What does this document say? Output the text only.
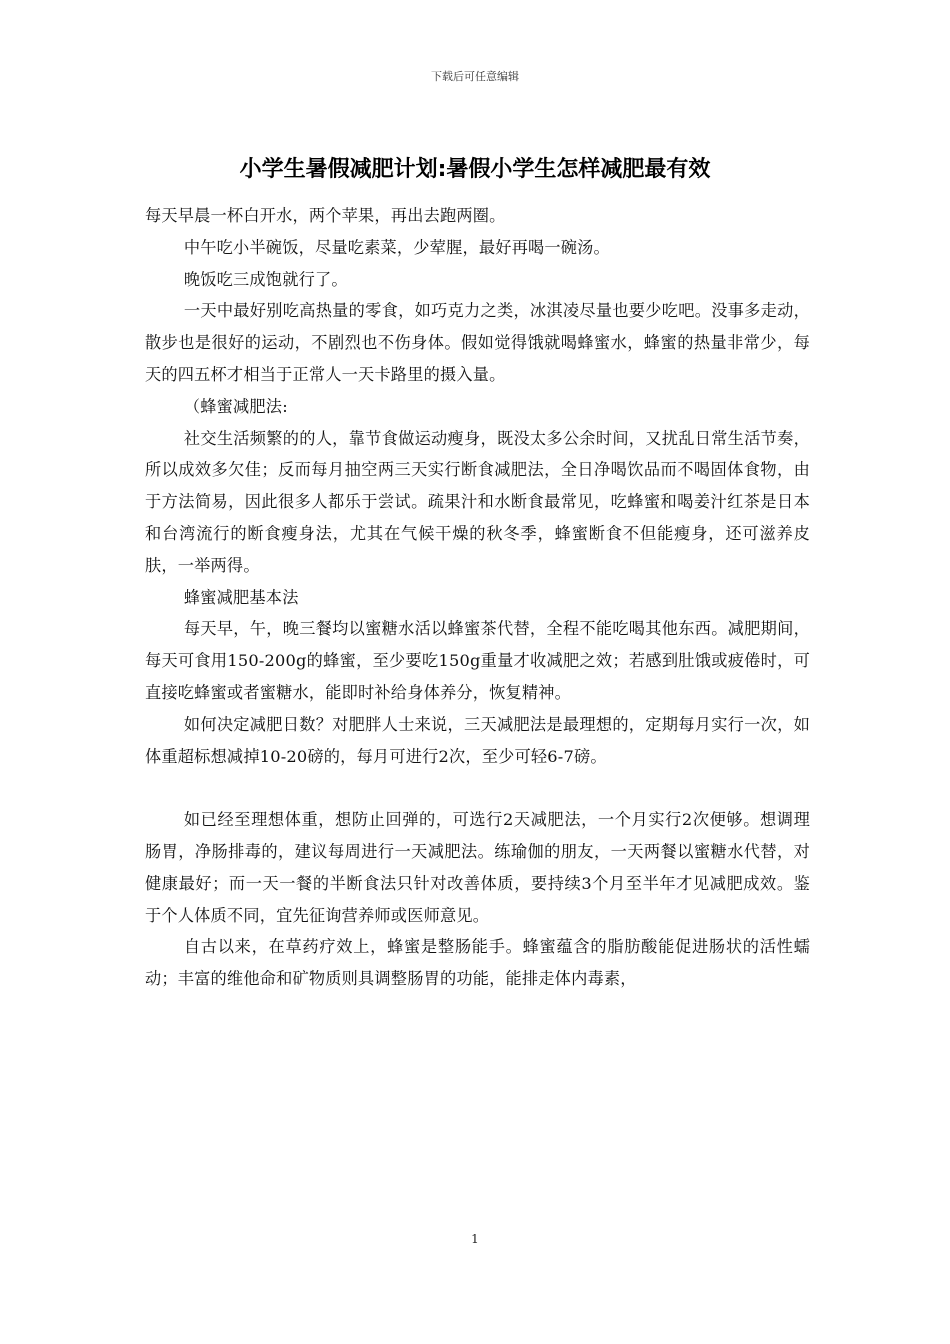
下载后可任意编辑
小学生暑假减肥计划:暑假小学生怎样减肥最有效

每天早晨一杯白开水，两个苹果，再出去跑两圈。

中午吃小半碗饭，尽量吃素菜，少荤腥，最好再喝一碗汤。

晚饭吃三成饱就行了。

一天中最好别吃高热量的零食，如巧克力之类，冰淇凌尽量也要少吃吧。没事多走动，散步也是很好的运动，不剧烈也不伤身体。假如觉得饿就喝蜂蜜水，蜂蜜的热量非常少，每天的四五杯才相当于正常人一天卡路里的摄入量。

（蜂蜜减肥法:

社交生活频繁的的人，靠节食做运动瘦身，既没太多公余时间，又扰乱日常生活节奏，所以成效多欠佳；反而每月抽空两三天实行断食减肥法，全日净喝饮品而不喝固体食物，由于方法简易，因此很多人都乐于尝试。疏果汁和水断食最常见，吃蜂蜜和喝姜汁红茶是日本和台湾流行的断食瘦身法，尤其在气候干燥的秋冬季，蜂蜜断食不但能瘦身，还可滋养皮肤，一举两得。

蜂蜜减肥基本法

每天早，午，晚三餐均以蜜糖水活以蜂蜜茶代替，全程不能吃喝其他东西。减肥期间，每天可食用150-200g的蜂蜜，至少要吃150g重量才收减肥之效；若感到肚饿或疲倦时，可直接吃蜂蜜或者蜜糖水，能即时补给身体养分，恢复精神。

如何决定减肥日数？对肥胖人士来说，三天减肥法是最理想的，定期每月实行一次，如体重超标想减掉10-20磅的，每月可进行2次，至少可轻6-7磅。

如已经至理想体重，想防止回弹的，可选行2天减肥法，一个月实行2次便够。想调理肠胃，净肠排毒的，建议每周进行一天减肥法。练瑜伽的朋友，一天两餐以蜜糖水代替，对健康最好；而一天一餐的半断食法只针对改善体质，要持续3个月至半年才见减肥成效。鉴于个人体质不同，宜先征询营养师或医师意见。

自古以来，在草药疗效上，蜂蜜是整肠能手。蜂蜜蕴含的脂肪酸能促进肠状的活性蠕动；丰富的维他命和矿物质则具调整肠胃的功能，能排走体内毒素，

1
